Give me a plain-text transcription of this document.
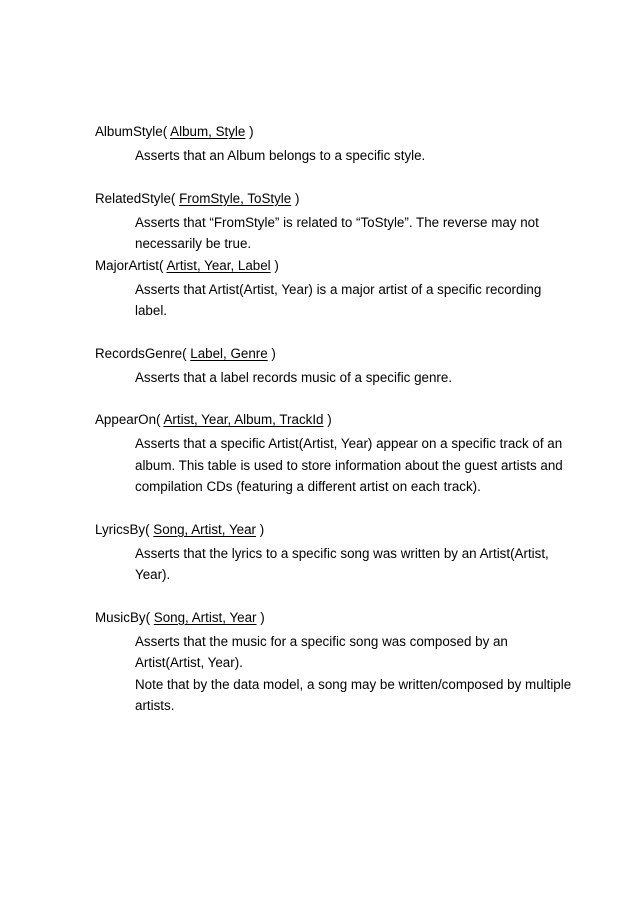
AlbumStyle( Album, Style )
Asserts that an Album belongs to a specific style.
RelatedStyle( FromStyle, ToStyle )
Asserts that “FromStyle” is related to “ToStyle”. The reverse may not
necessarily be true.
MajorArtist( Artist, Year, Label )
Asserts that Artist(Artist, Year) is a major artist of a specific recording
label.
RecordsGenre( Label, Genre )
Asserts that a label records music of a specific genre.
AppearOn( Artist, Year, Album, TrackId )
Asserts that a specific Artist(Artist, Year) appear on a specific track of an
album. This table is used to store information about the guest artists and
compilation CDs (featuring a different artist on each track).
LyricsBy( Song, Artist, Year )
Asserts that the lyrics to a specific song was written by an Artist(Artist,
Year).
MusicBy( Song, Artist, Year )
Asserts that the music for a specific song was composed by an
Artist(Artist, Year).
Note that by the data model, a song may be written/composed by multiple
artists.
